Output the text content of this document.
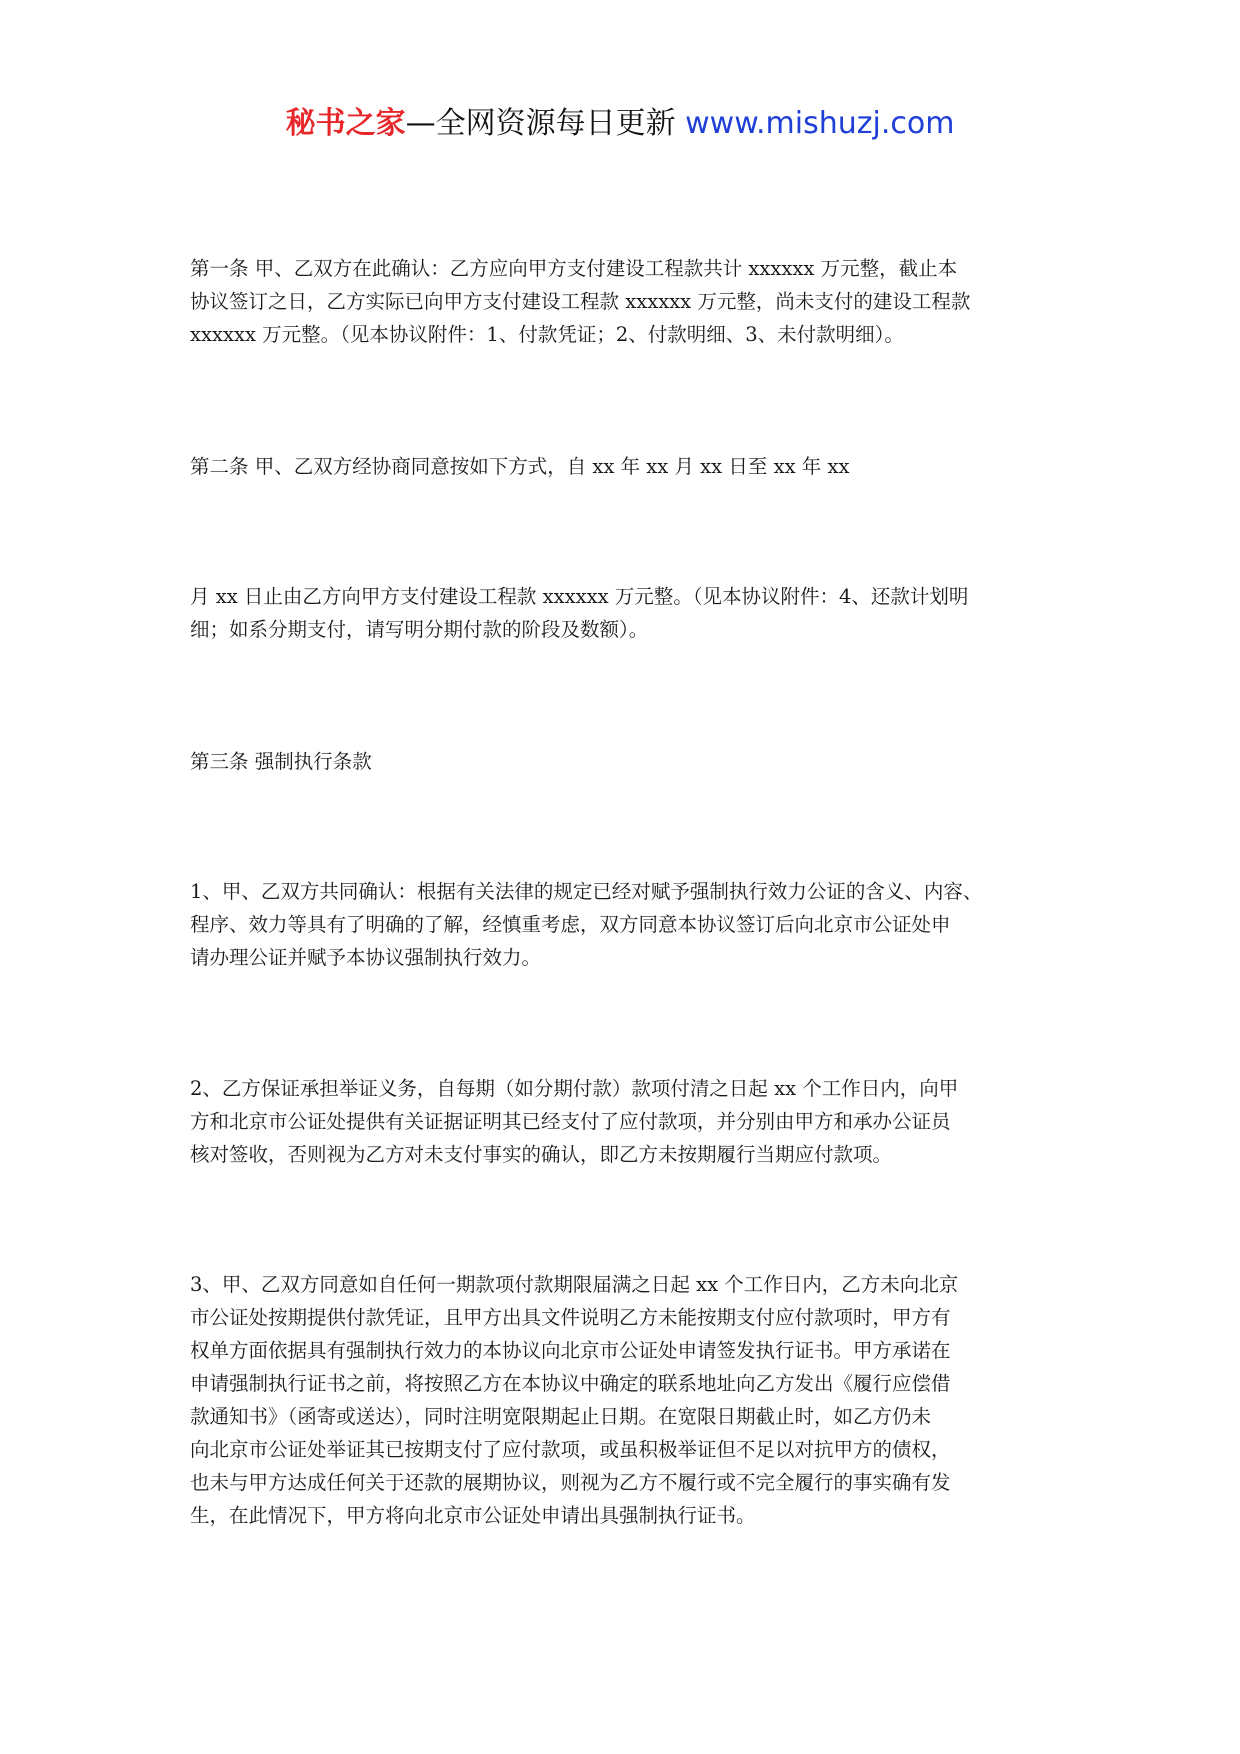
秘书之家—全网资源每日更新 www.mishuzj.com
第一条 甲、乙双方在此确认：乙方应向甲方支付建设工程款共计 xxxxxx 万元整，截止本
协议签订之日，乙方实际已向甲方支付建设工程款 xxxxxx 万元整，尚未支付的建设工程款
xxxxxx 万元整。（见本协议附件：1、付款凭证；2、付款明细、3、未付款明细）。
第二条 甲、乙双方经协商同意按如下方式，自 xx 年 xx 月 xx 日至 xx 年 xx
月 xx 日止由乙方向甲方支付建设工程款 xxxxxx 万元整。（见本协议附件：4、还款计划明
细；如系分期支付，请写明分期付款的阶段及数额）。
第三条 强制执行条款
1、甲、乙双方共同确认：根据有关法律的规定已经对赋予强制执行效力公证的含义、内容、
程序、效力等具有了明确的了解，经慎重考虑，双方同意本协议签订后向北京市公证处申
请办理公证并赋予本协议强制执行效力。
2、乙方保证承担举证义务，自每期（如分期付款）款项付清之日起 xx 个工作日内，向甲
方和北京市公证处提供有关证据证明其已经支付了应付款项，并分别由甲方和承办公证员
核对签收，否则视为乙方对未支付事实的确认，即乙方未按期履行当期应付款项。
3、甲、乙双方同意如自任何一期款项付款期限届满之日起 xx 个工作日内，乙方未向北京
市公证处按期提供付款凭证，且甲方出具文件说明乙方未能按期支付应付款项时，甲方有
权单方面依据具有强制执行效力的本协议向北京市公证处申请签发执行证书。甲方承诺在
申请强制执行证书之前，将按照乙方在本协议中确定的联系地址向乙方发出《履行应偿借
款通知书》（函寄或送达），同时注明宽限期起止日期。在宽限日期截止时，如乙方仍未
向北京市公证处举证其已按期支付了应付款项，或虽积极举证但不足以对抗甲方的债权，
也未与甲方达成任何关于还款的展期协议，则视为乙方不履行或不完全履行的事实确有发
生，在此情况下，甲方将向北京市公证处申请出具强制执行证书。
